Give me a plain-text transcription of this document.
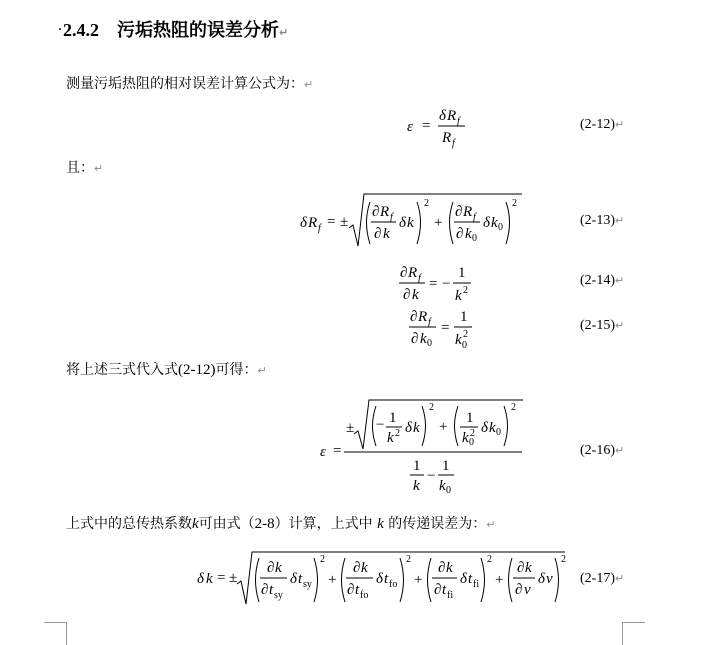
·2.4.2 污垢热阻的误差分析↵
测量污垢热阻的相对误差计算公式为：↵
ε =
δ R f
R f
(2-12)↵
且：↵
δ R f = ±
∂ R f
∂ k
δ k
2
+
∂ R f
∂ k 0
δ k 0
2
(2-13)↵
∂ R f
∂ k
= −
1
k 2
(2-14)↵
∂ R f
∂ k 0
=
1
k 2
0
(2-15)↵
将上述三式代入式(2-12)可得：↵
ε =
± − 1
k 2 δ k
2
+
1
k 2
0
δ k 0
2
1
k
−
1
k 0
(2-16)↵
上式中的总传热系数k可由式（2-8）计算，上式中 k 的传递误差为：↵
δ k = ±
∂ k
∂ t sy
δ t sy
2
+
∂ k
∂ t fo
δ t fo
2
+
∂ k
∂ t fi
δ t fi
2
+
∂ k
∂ ν
δ ν
2
(2-17)↵
